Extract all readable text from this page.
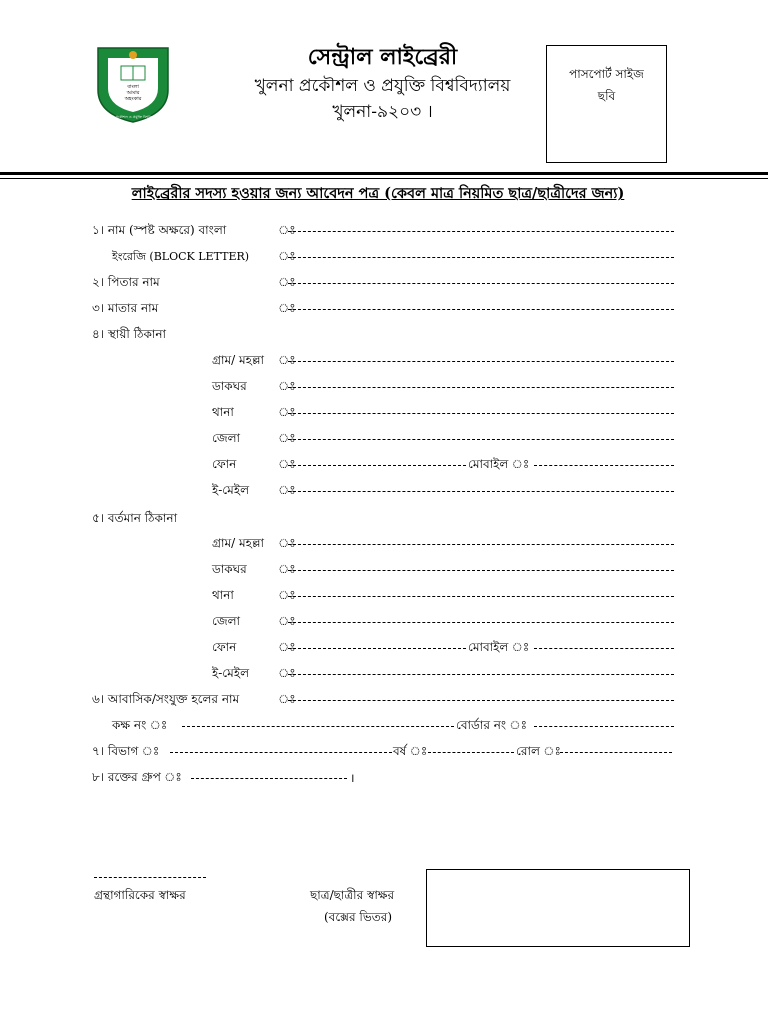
বাংলা
আমার
অহংকার
খুলনা প্রকৌশল ও প্রযুক্তি বিশ্ববিদ্যালয়
সেন্ট্রাল লাইব্রেরী
খুলনা প্রকৌশল ও প্রযুক্তি বিশ্ববিদ্যালয়
খুলনা-৯২০৩ ।
পাসপোর্ট সাইজ
ছবি
লাইব্রেরীর সদস্য হওয়ার জন্য আবেদন পত্র (কেবল মাত্র নিয়মিত ছাত্র/ছাত্রীদের জন্য)
১। নাম (স্পষ্ট অক্ষরে) বাংলা	ঃ
ইংরেজি (BLOCK LETTER) ঃ
২। পিতার নাম	ঃ
৩। মাতার নাম	ঃ
৪। স্থায়ী ঠিকানা
গ্রাম/ মহল্লা ঃ
ডাকঘর	ঃ
থানা	ঃ
জেলা	ঃ
ফোন	ঃ	মোবাইল ঃ
ই-মেইল ঃ
৫। বর্তমান ঠিকানা
গ্রাম/ মহল্লা ঃ
ডাকঘর	ঃ
থানা	ঃ
জেলা	ঃ
ফোন	ঃ	মোবাইল ঃ
ই-মেইল ঃ
৬। আবাসিক/সংযুক্ত হলের নাম	ঃ
কক্ষ নং ঃ	বোর্ডার নং ঃ
৭। বিভাগ ঃ	বর্ষ ঃ	রোল ঃ
৮। রক্তের গ্রুপ ঃ	।
গ্রন্থাগারিকের স্বাক্ষর	ছাত্র/ছাত্রীর স্বাক্ষর
(বক্সের ভিতর)
